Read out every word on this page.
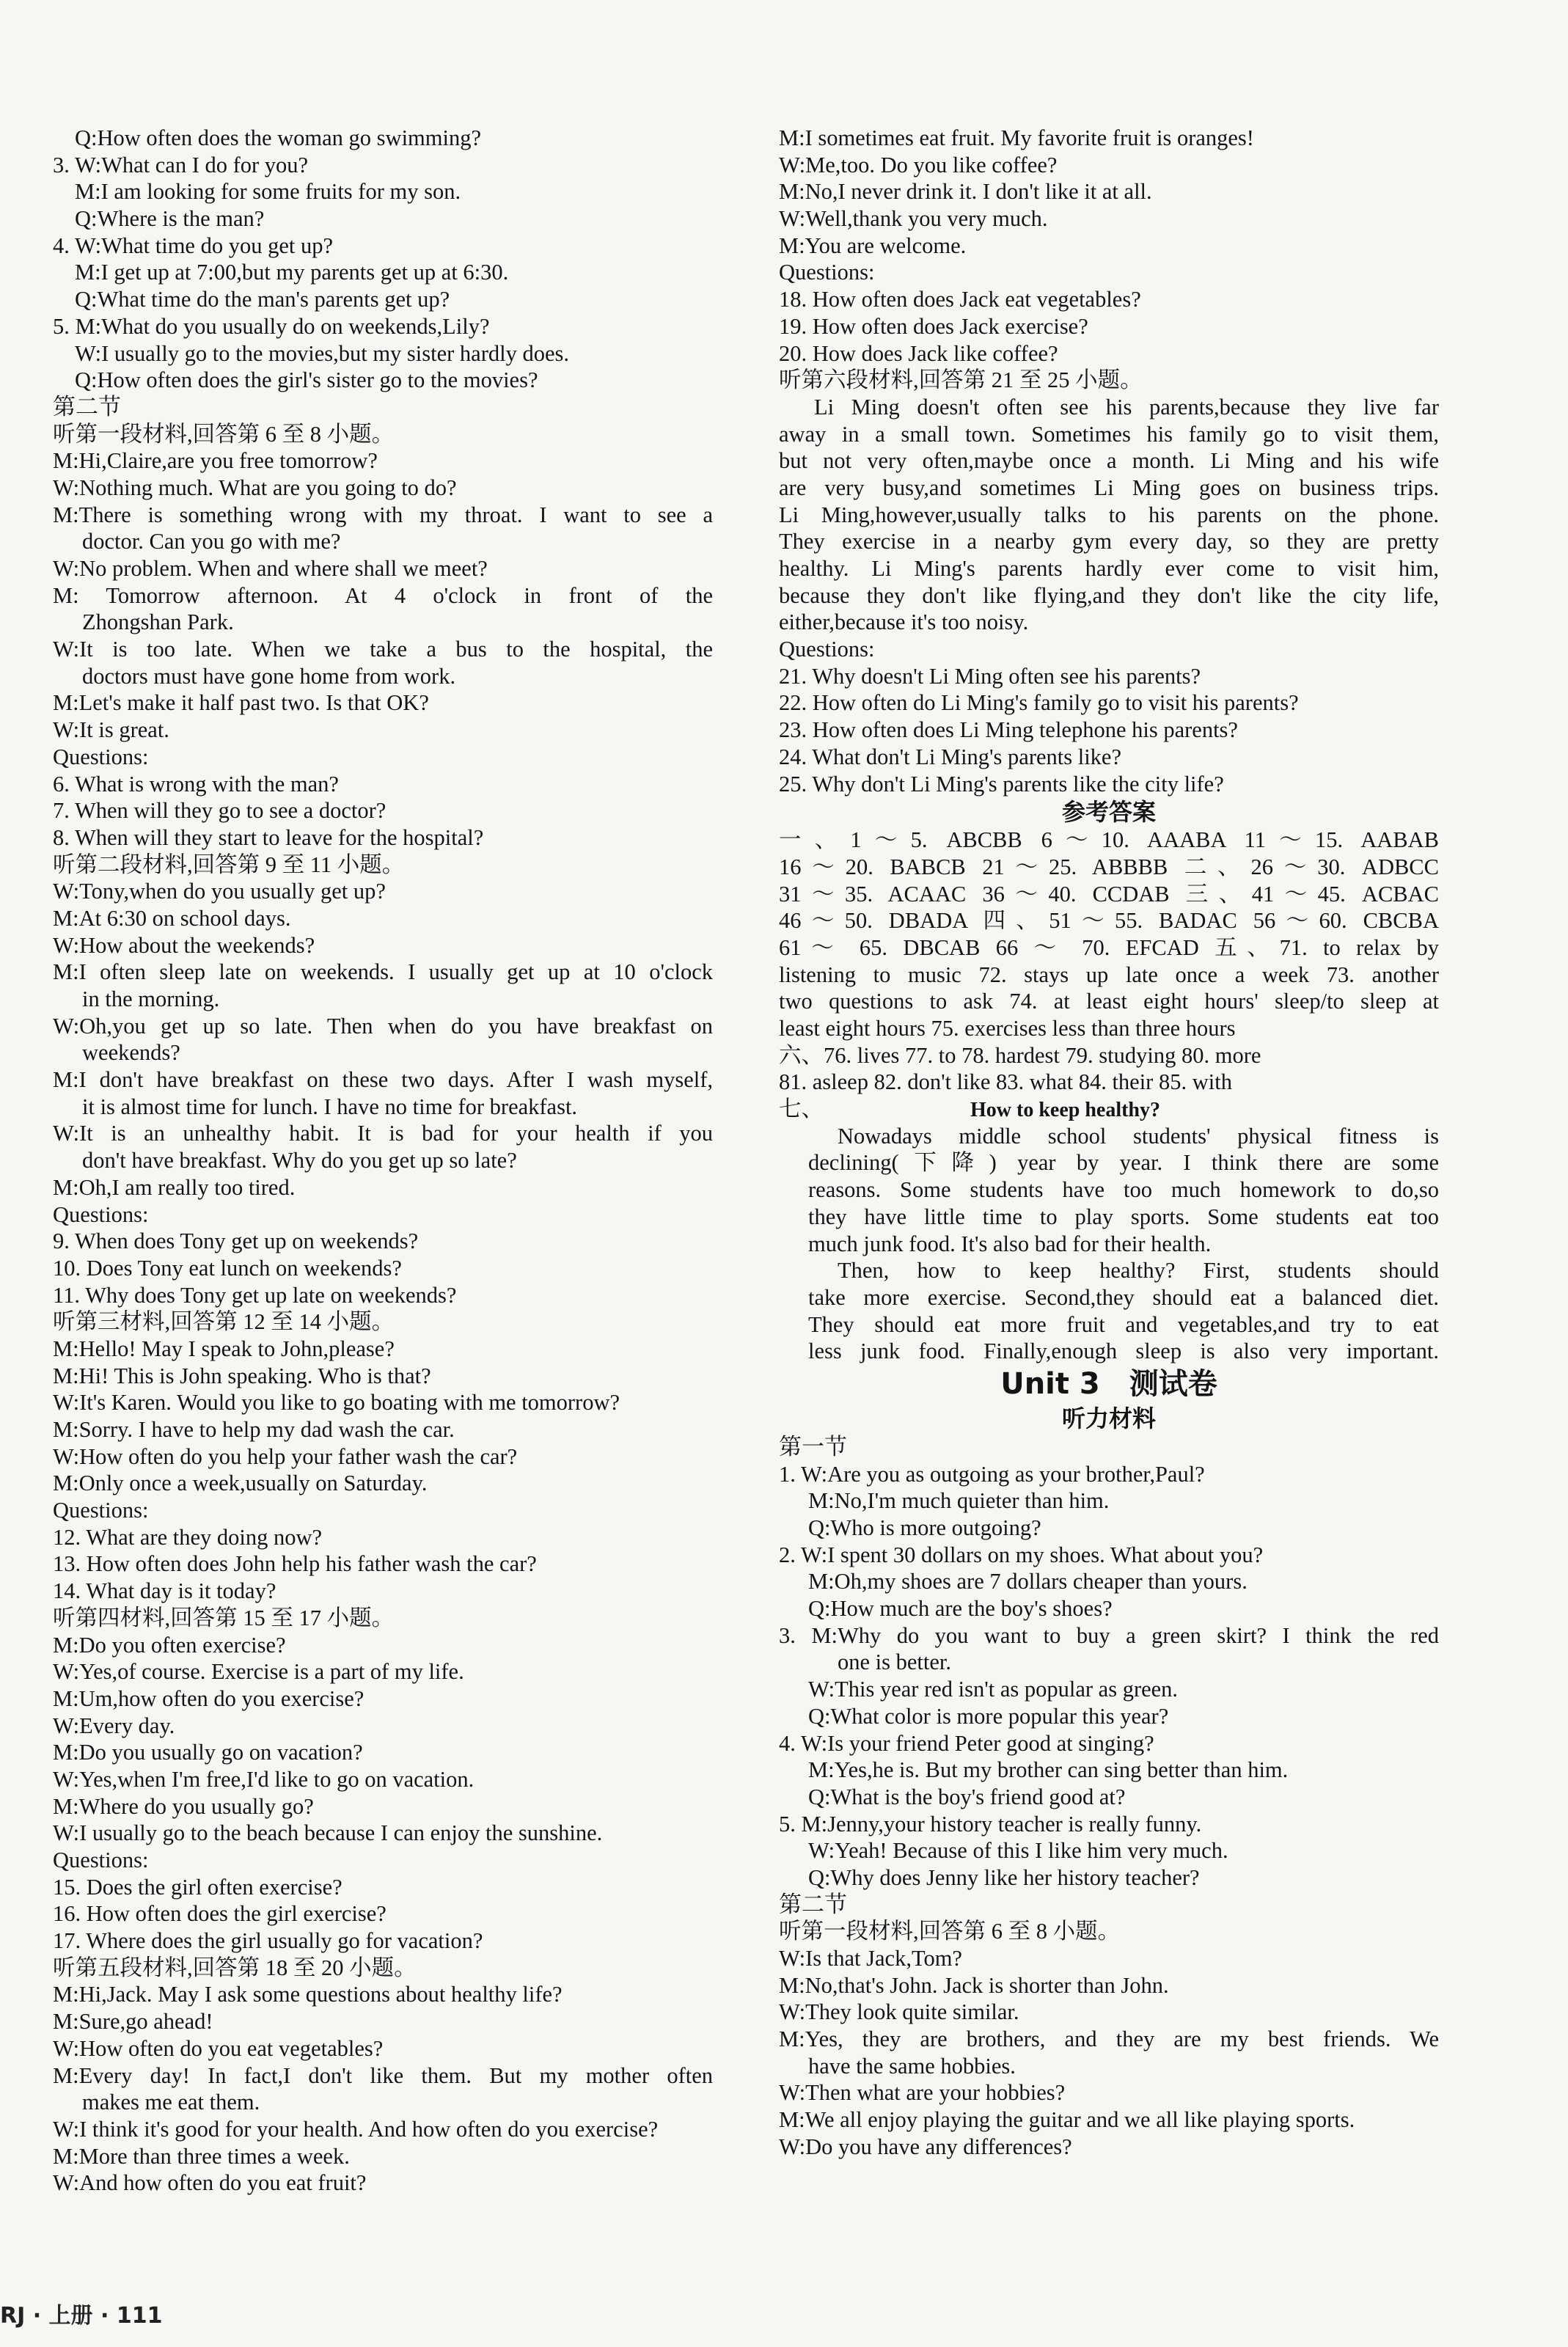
Q:How often does the woman go swimming?
3. W:What can I do for you?
M:I am looking for some fruits for my son.
Q:Where is the man?
4. W:What time do you get up?
M:I get up at 7:00,but my parents get up at 6:30.
Q:What time do the man's parents get up?
5. M:What do you usually do on weekends,Lily?
W:I usually go to the movies,but my sister hardly does.
Q:How often does the girl's sister go to the movies?
第二节
听第一段材料,回答第 6 至 8 小题。
M:Hi,Claire,are you free tomorrow?
W:Nothing much. What are you going to do?
M:There is something wrong with my throat. I want to see a
doctor. Can you go with me?
W:No problem. When and where shall we meet?
M: Tomorrow afternoon. At 4 o'clock in front of the
Zhongshan Park.
W:It is too late. When we take a bus to the hospital, the
doctors must have gone home from work.
M:Let's make it half past two. Is that OK?
W:It is great.
Questions:
6. What is wrong with the man?
7. When will they go to see a doctor?
8. When will they start to leave for the hospital?
听第二段材料,回答第 9 至 11 小题。
W:Tony,when do you usually get up?
M:At 6:30 on school days.
W:How about the weekends?
M:I often sleep late on weekends. I usually get up at 10 o'clock
in the morning.
W:Oh,you get up so late. Then when do you have breakfast on
weekends?
M:I don't have breakfast on these two days. After I wash myself,
it is almost time for lunch. I have no time for breakfast.
W:It is an unhealthy habit. It is bad for your health if you
don't have breakfast. Why do you get up so late?
M:Oh,I am really too tired.
Questions:
9. When does Tony get up on weekends?
10. Does Tony eat lunch on weekends?
11. Why does Tony get up late on weekends?
听第三材料,回答第 12 至 14 小题。
M:Hello! May I speak to John,please?
M:Hi! This is John speaking. Who is that?
W:It's Karen. Would you like to go boating with me tomorrow?
M:Sorry. I have to help my dad wash the car.
W:How often do you help your father wash the car?
M:Only once a week,usually on Saturday.
Questions:
12. What are they doing now?
13. How often does John help his father wash the car?
14. What day is it today?
听第四材料,回答第 15 至 17 小题。
M:Do you often exercise?
W:Yes,of course. Exercise is a part of my life.
M:Um,how often do you exercise?
W:Every day.
M:Do you usually go on vacation?
W:Yes,when I'm free,I'd like to go on vacation.
M:Where do you usually go?
W:I usually go to the beach because I can enjoy the sunshine.
Questions:
15. Does the girl often exercise?
16. How often does the girl exercise?
17. Where does the girl usually go for vacation?
听第五段材料,回答第 18 至 20 小题。
M:Hi,Jack. May I ask some questions about healthy life?
M:Sure,go ahead!
W:How often do you eat vegetables?
M:Every day! In fact,I don't like them. But my mother often
makes me eat them.
W:I think it's good for your health. And how often do you exercise?
M:More than three times a week.
W:And how often do you eat fruit?
M:I sometimes eat fruit. My favorite fruit is oranges!
W:Me,too. Do you like coffee?
M:No,I never drink it. I don't like it at all.
W:Well,thank you very much.
M:You are welcome.
Questions:
18. How often does Jack eat vegetables?
19. How often does Jack exercise?
20. How does Jack like coffee?
听第六段材料,回答第 21 至 25 小题。
Li Ming doesn't often see his parents,because they live far
away in a small town. Sometimes his family go to visit them,
but not very often,maybe once a month. Li Ming and his wife
are very busy,and sometimes Li Ming goes on business trips.
Li Ming,however,usually talks to his parents on the phone.
They exercise in a nearby gym every day, so they are pretty
healthy. Li Ming's parents hardly ever come to visit him,
because they don't like flying,and they don't like the city life,
either,because it's too noisy.
Questions:
21. Why doesn't Li Ming often see his parents?
22. How often do Li Ming's family go to visit his parents?
23. How often does Li Ming telephone his parents?
24. What don't Li Ming's parents like?
25. Why don't Li Ming's parents like the city life?
参考答案
一、1～5. ABCBB 6～10. AAABA 11～15. AABAB
16～20. BABCB 21～25. ABBBB 二、26～30. ADBCC
31～35. ACAAC 36～40. CCDAB 三、41～45. ACBAC
46～50. DBADA 四、51～55. BADAC 56～60. CBCBA
61～ 65. DBCAB 66 ～ 70. EFCAD 五、71. to relax by
listening to music 72. stays up late once a week 73. another
two questions to ask 74. at least eight hours' sleep/to sleep at
least eight hours 75. exercises less than three hours
六、76. lives 77. to 78. hardest 79. studying 80. more
81. asleep 82. don't like 83. what 84. their 85. with
七、	How to keep healthy?
Nowadays middle school students' physical fitness is
declining(下降) year by year. I think there are some
reasons. Some students have too much homework to do,so
they have little time to play sports. Some students eat too
much junk food. It's also bad for their health.
Then, how to keep healthy? First, students should
take more exercise. Second,they should eat a balanced diet.
They should eat more fruit and vegetables,and try to eat
less junk food. Finally,enough sleep is also very important.
Unit 3　测试卷
听力材料
第一节
1. W:Are you as outgoing as your brother,Paul?
M:No,I'm much quieter than him.
Q:Who is more outgoing?
2. W:I spent 30 dollars on my shoes. What about you?
M:Oh,my shoes are 7 dollars cheaper than yours.
Q:How much are the boy's shoes?
3. M:Why do you want to buy a green skirt? I think the red
one is better.
W:This year red isn't as popular as green.
Q:What color is more popular this year?
4. W:Is your friend Peter good at singing?
M:Yes,he is. But my brother can sing better than him.
Q:What is the boy's friend good at?
5. M:Jenny,your history teacher is really funny.
W:Yeah! Because of this I like him very much.
Q:Why does Jenny like her history teacher?
第二节
听第一段材料,回答第 6 至 8 小题。
W:Is that Jack,Tom?
M:No,that's John. Jack is shorter than John.
W:They look quite similar.
M:Yes, they are brothers, and they are my best friends. We
have the same hobbies.
W:Then what are your hobbies?
M:We all enjoy playing the guitar and we all like playing sports.
W:Do you have any differences?
RJ · 上册 · 111
